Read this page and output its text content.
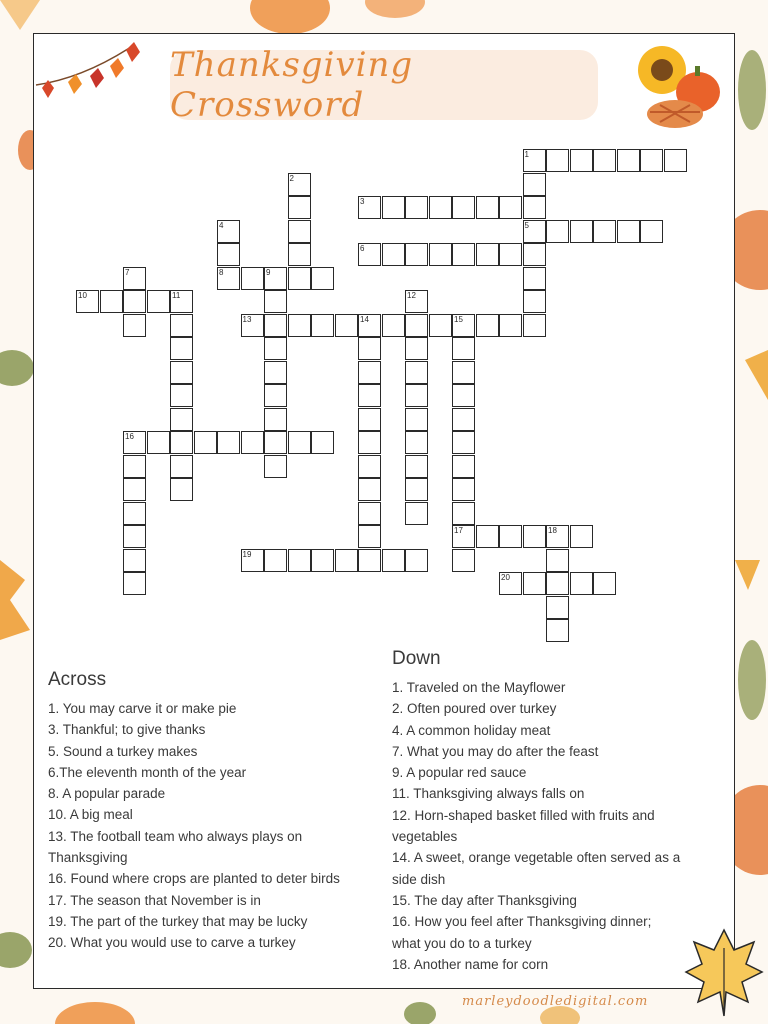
Thanksgiving Crossword
1
5
2
3
4
8
6
7	9
10	11	12
13	14	15
17
16
18
19
20
Across
1. You may carve it or make pie
3. Thankful; to give thanks
5. Sound a turkey makes
6.The eleventh month of the year
8. A popular parade
10. A big meal
13. The football team who always plays on Thanksgiving
16. Found where crops are planted to deter birds
17. The season that November is in
19. The part of the turkey that may be lucky
20. What you would use to carve a turkey
Down
1. Traveled on the Mayflower
2. Often poured over turkey
4. A common holiday meat
7. What you may do after the feast
9. A popular red sauce
11. Thanksgiving always falls on
12. Horn-shaped basket filled with fruits and vegetables
14. A sweet, orange vegetable often served as a side dish
15. The day after Thanksgiving
16. How you feel after Thanksgiving dinner; what you do to a turkey
18. Another name for corn
marleydoodledigital.com
